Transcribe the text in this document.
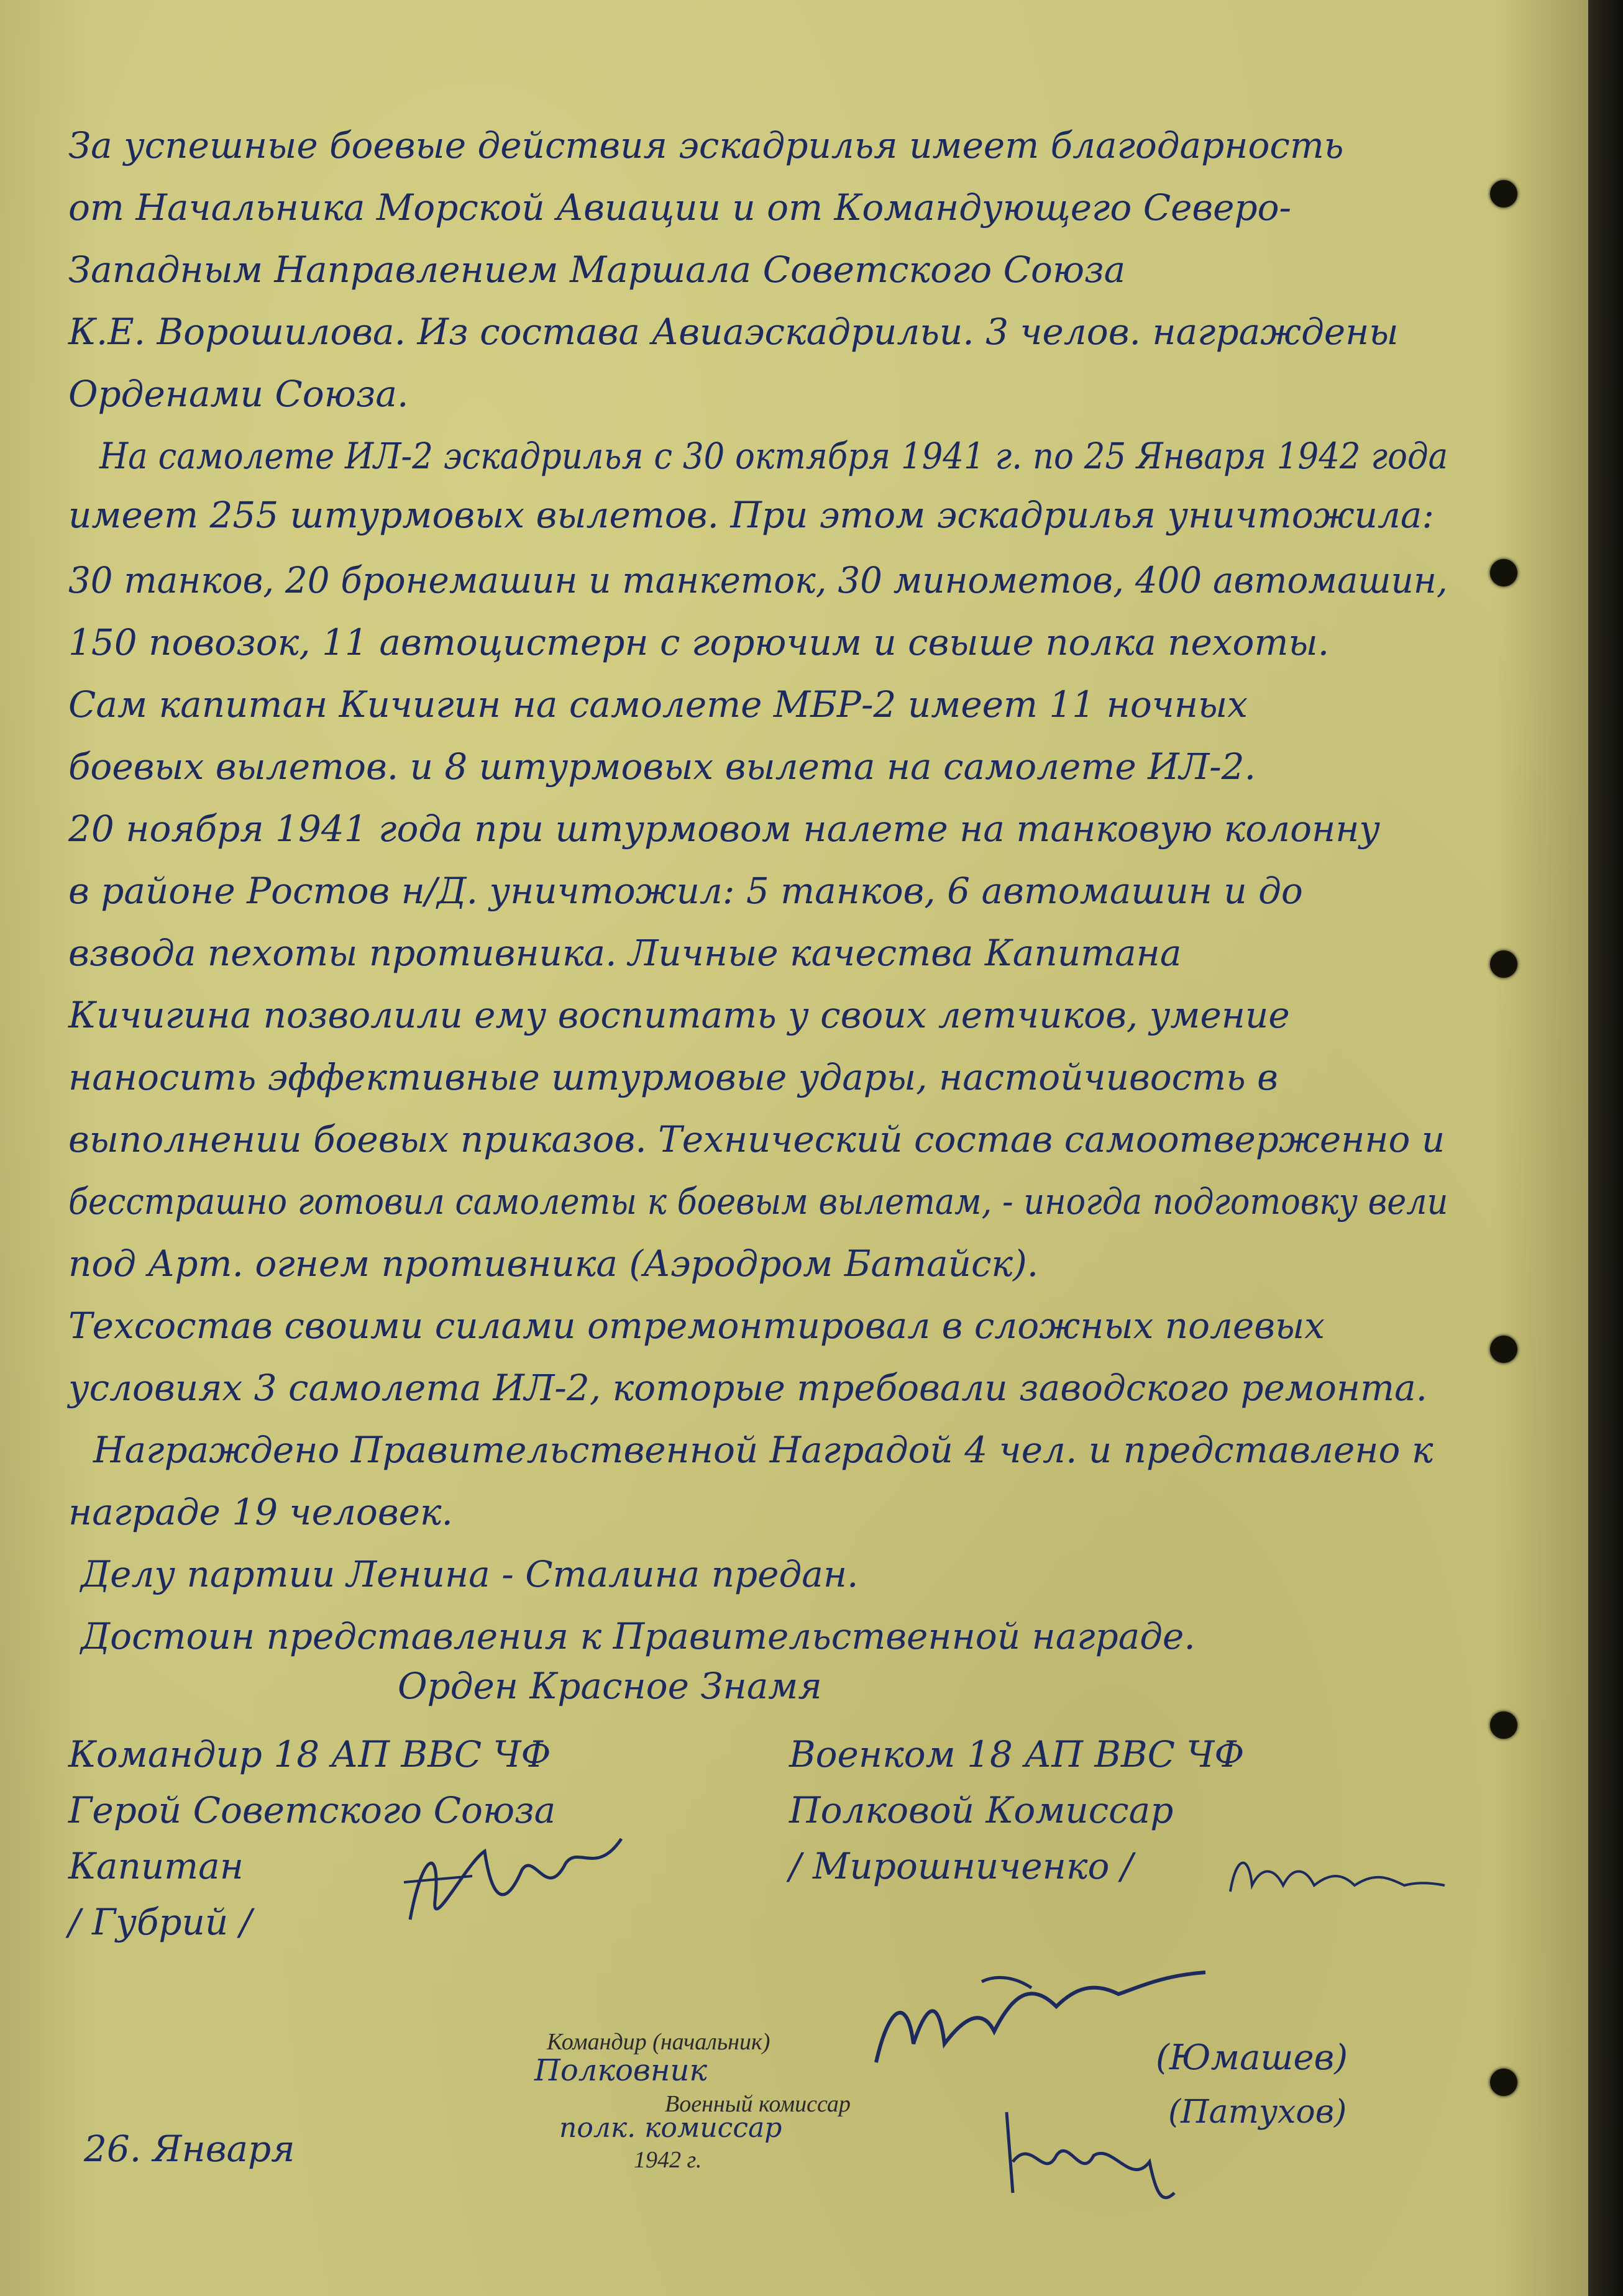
За успешные боевые действия эскадрилья имеет благодарность
от Начальника Морской Авиации и от Командующего Северо-
Западным Направлением Маршала Советского Союза
К.Е. Ворошилова. Из состава Авиаэскадрильи. 3 челов. награждены
Орденами Союза.
На самолете ИЛ-2 эскадрилья с 30 октября 1941 г. по 25 Января 1942 года
имеет 255 штурмовых вылетов. При этом эскадрилья уничтожила:
30 танков, 20 бронемашин и танкеток, 30 минометов, 400 автомашин,
150 повозок, 11 автоцистерн с горючим и свыше полка пехоты.
Сам капитан Кичигин на самолете МБР-2 имеет 11 ночных
боевых вылетов. и 8 штурмовых вылета на самолете ИЛ-2.
20 ноября 1941 года при штурмовом налете на танковую колонну
в районе Ростов н/Д. уничтожил: 5 танков, 6 автомашин и до
взвода пехоты противника. Личные качества Капитана
Кичигина позволили ему воспитать у своих летчиков, умение
наносить эффективные штурмовые удары, настойчивость в
выполнении боевых приказов. Технический состав самоотверженно и
бесстрашно готовил самолеты к боевым вылетам, - иногда подготовку вели
под Арт. огнем противника (Аэродром Батайск).
Техсостав своими силами отремонтировал в сложных полевых
условиях 3 самолета ИЛ-2, которые требовали заводского ремонта.
Награждено Правительственной Наградой 4 чел. и представлено к
награде 19 человек.
Делу партии Ленина - Сталина предан.
Достоин представления к Правительственной награде.
Орден Красное Знамя
Командир 18 АП ВВС ЧФ
Герой Советского Союза
Капитан
/ Губрий /
Военком 18 АП ВВС ЧФ
Полковой Комиссар
/ Мирошниченко /
Командир (начальник)
Полковник	(Юмашев)
Военный комиссар
полк. комиссар	(Патухов)
26. Января	1942 г.
